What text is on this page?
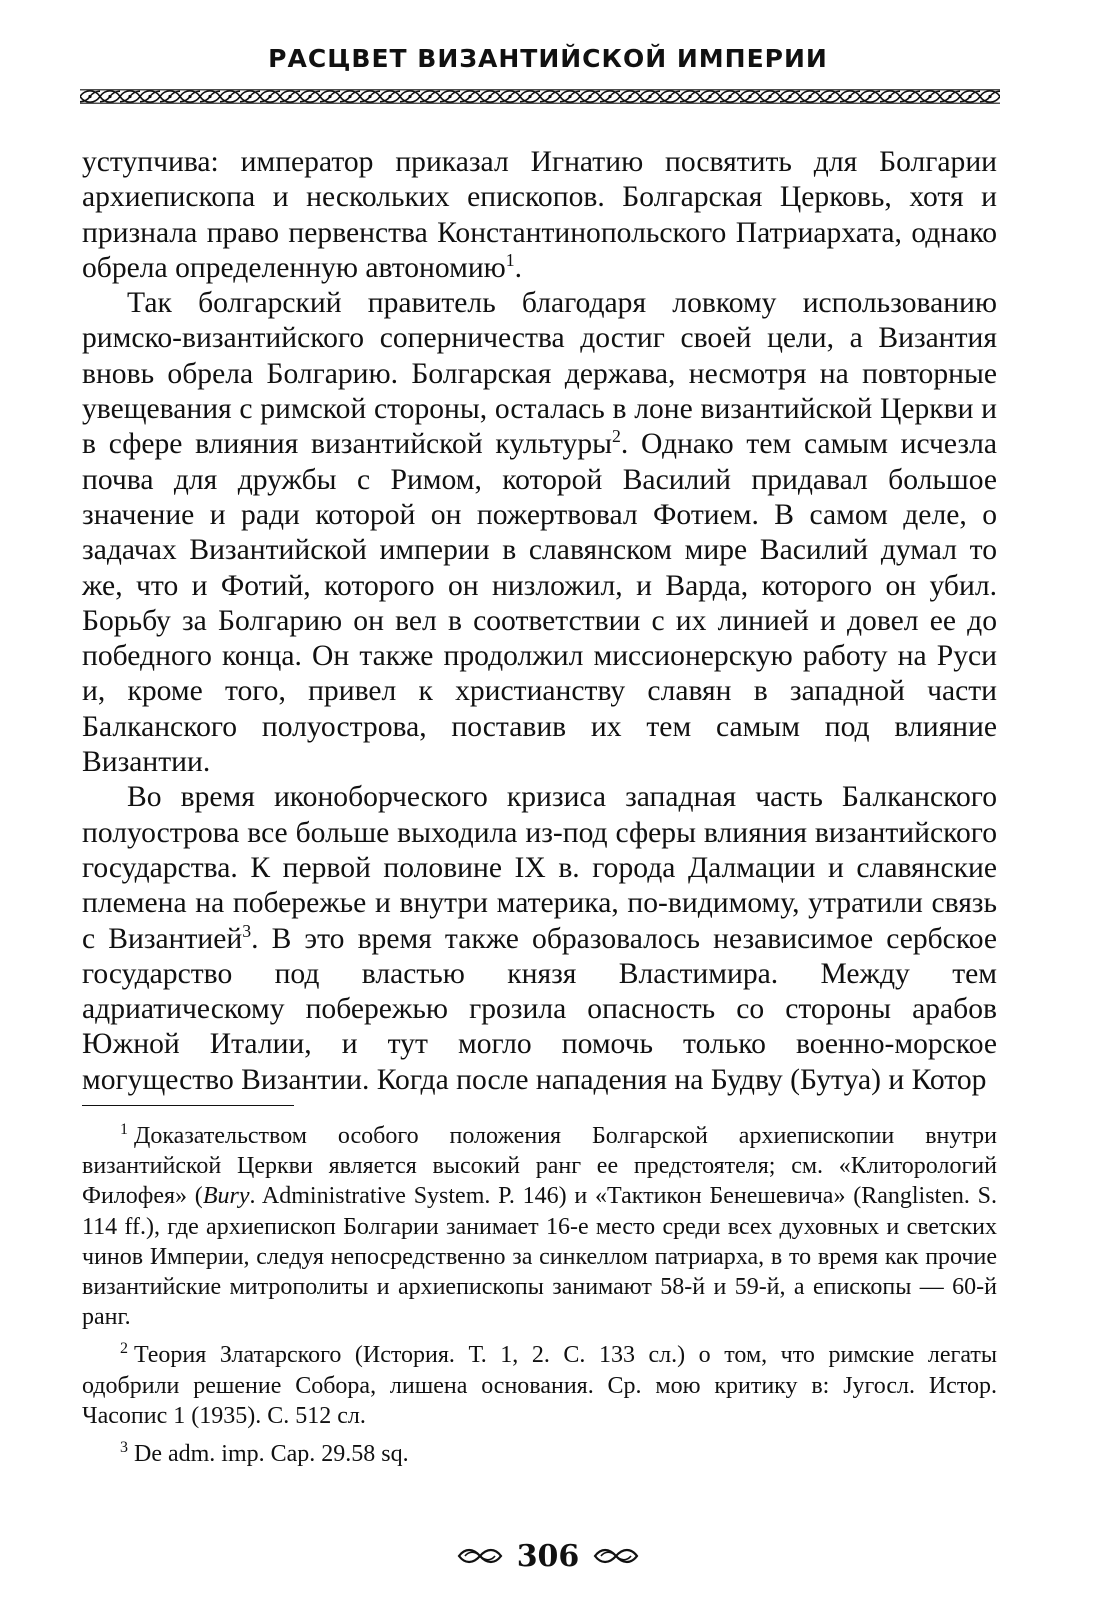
РАСЦВЕТ ВИЗАНТИЙСКОЙ ИМПЕРИИ

уступчива: император приказал Игнатию посвятить для Болгарии архиепископа и нескольких епископов. Болгарская Церковь, хотя и признала право первенства Константинопольского Патриархата, однако обрела определенную автономию$^1$.

Так болгарский правитель благодаря ловкому использованию римско-византийского соперничества достиг своей цели, а Византия вновь обрела Болгарию. Болгарская держава, несмотря на повторные увещевания с римской стороны, осталась в лоне византийской Церкви и в сфере влияния византийской культуры$^2$. Однако тем самым исчезла почва для дружбы с Римом, которой Василий придавал большое значение и ради которой он пожертвовал Фотием. В самом деле, о задачах Византийской империи в славянском мире Василий думал то же, что и Фотий, которого он низложил, и Варда, которого он убил. Борьбу за Болгарию он вел в соответствии с их линией и довел ее до победного конца. Он также продолжил миссионерскую работу на Руси и, кроме того, привел к христианству славян в западной части Балканского полуострова, поставив их тем самым под влияние Византии.

Во время иконоборческого кризиса западная часть Балканского полуострова все больше выходила из-под сферы влияния византийского государства. К первой половине IX в. города Далмации и славянские племена на побережье и внутри материка, по-видимому, утратили связь с Византией$^3$. В это время также образовалось независимое сербское государство под властью князя Властимира. Между тем адриатическому побережью грозила опасность со стороны арабов Южной Италии, и тут могло помочь только военно-морское могущество Византии. Когда после нападения на Будву (Бутуа) и Котор

$^1$ Доказательством особого положения Болгарской архиепископии внутри византийской Церкви является высокий ранг ее предстоятеля; см. «Клиторологий Филофея» (Bury. Administrative System. P. 146) и «Тактикон Бенешевича» (Ranglisten. S. 114 ff.), где архиепископ Болгарии занимает 16-е место среди всех духовных и светских чинов Империи, следуя непосредственно за синкеллом патриарха, в то время как прочие византийские митрополиты и архиепископы занимают 58-й и 59-й, а епископы — 60-й ранг.

$^2$ Теория Златарского (История. Т. 1, 2. С. 133 сл.) о том, что римские легаты одобрили решение Собора, лишена основания. Ср. мою критику в: Југосл. Истор. Часопис 1 (1935). С. 512 сл.

$^3$ De adm. imp. Cap. 29.58 sq.

306
